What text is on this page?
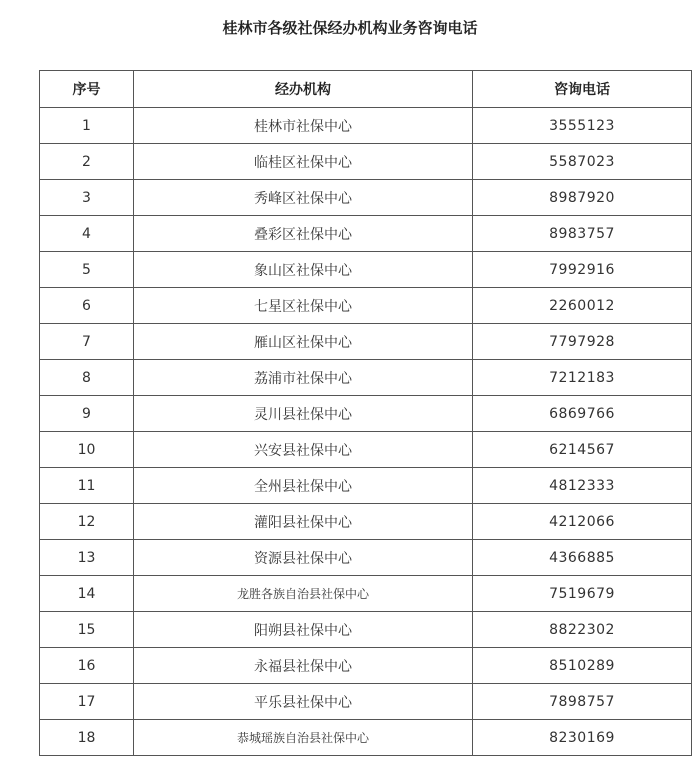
桂林市各级社保经办机构业务咨询电话
序号	经办机构	咨询电话
1	桂林市社保中心	3555123
2	临桂区社保中心	5587023
3	秀峰区社保中心	8987920
4	叠彩区社保中心	8983757
5	象山区社保中心	7992916
6	七星区社保中心	2260012
7	雁山区社保中心	7797928
8	荔浦市社保中心	7212183
9	灵川县社保中心	6869766
10	兴安县社保中心	6214567
11	全州县社保中心	4812333
12	灌阳县社保中心	4212066
13	资源县社保中心	4366885
14	龙胜各族自治县社保中心	7519679
15	阳朔县社保中心	8822302
16	永福县社保中心	8510289
17	平乐县社保中心	7898757
18	恭城瑶族自治县社保中心	8230169
